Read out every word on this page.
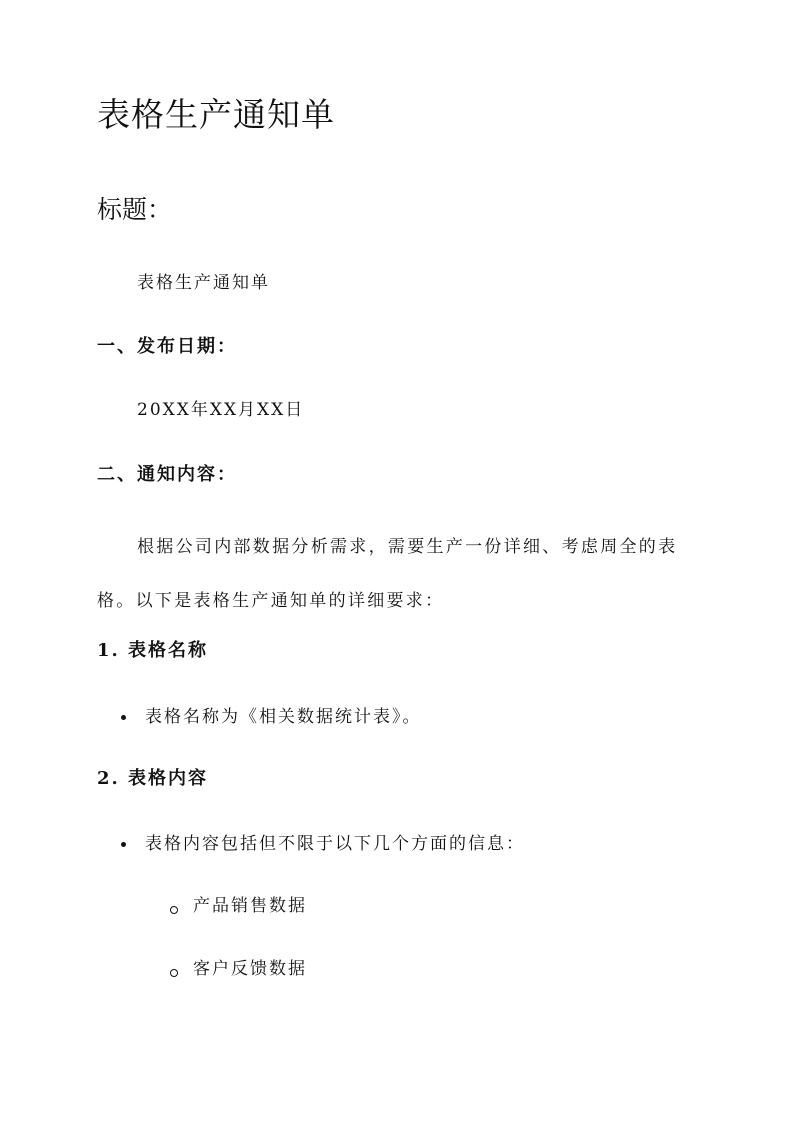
表格生产通知单
标题：
表格生产通知单
一、发布日期：
20XX年XX月XX日
二、通知内容：
根据公司内部数据分析需求，需要生产一份详细、考虑周全的表格。以下是表格生产通知单的详细要求：
1. 表格名称
表格名称为《相关数据统计表》。
2. 表格内容
表格内容包括但不限于以下几个方面的信息：
产品销售数据
客户反馈数据
